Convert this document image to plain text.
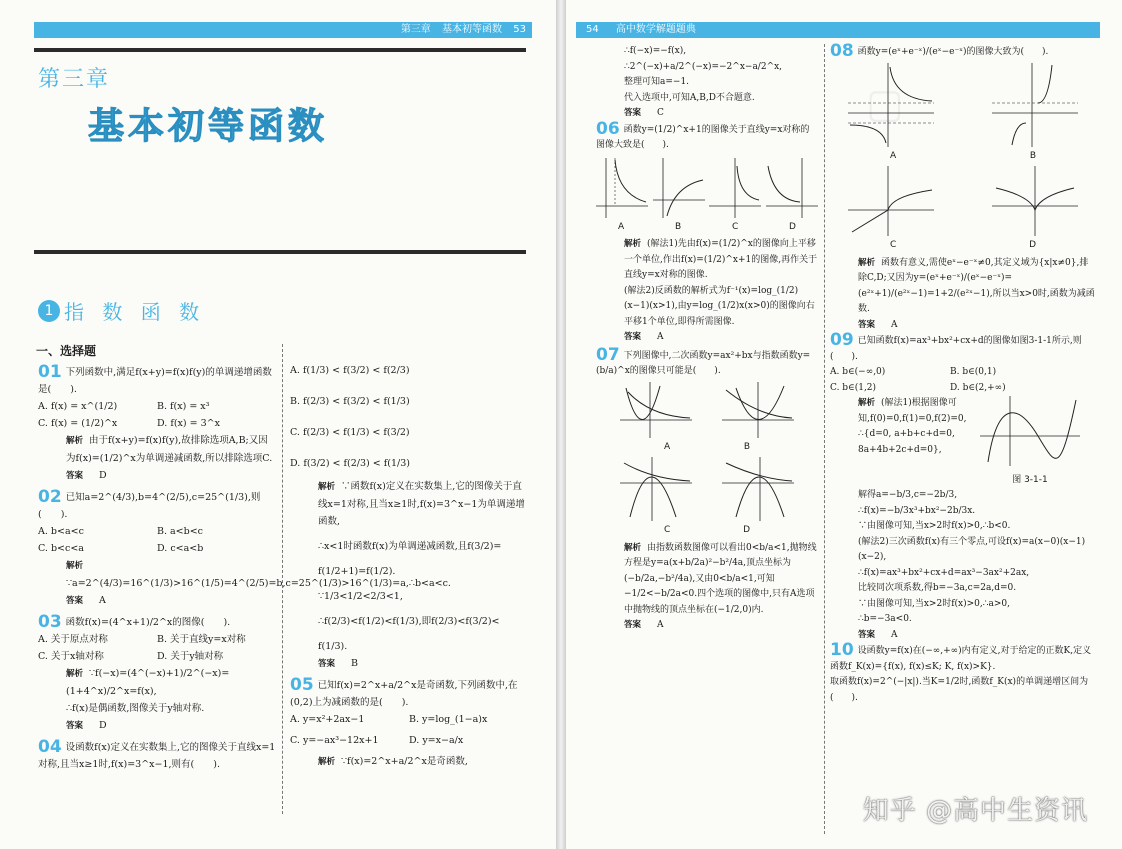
第三章 基本初等函数 53
第三章
基本初等函数
1 指 数 函 数
一、选择题

01 下列函数中,满足f(x+y)=f(x)f(y)的单调递增函数是(　　).

A. f(x) = x^(1/2)	B. f(x) = x³
C. f(x) = (1/2)^x	D. f(x) = 3^x

解析 由于f(x+y)=f(x)f(y),故排除选项A,B;又因为f(x)=(1/2)^x为单调递减函数,所以排除选项C.

答案 D

02 已知a=2^(4/3),b=4^(2/5),c=25^(1/3),则(　　).

A. b<a<c	B. a<b<c
C. b<c<a	D. c<a<b

解析∵a=2^(4/3)=16^(1/3)>16^(1/5)=4^(2/5)=b,c=25^(1/3)>16^(1/3)=a,∴b<a<c.

答案 A

03 函数f(x)=(4^x+1)/2^x的图像(　　).

A. 关于原点对称	B. 关于直线y=x对称
C. 关于x轴对称	D. 关于y轴对称

解析 ∵f(−x)=(4^(−x)+1)/2^(−x)=(1+4^x)/2^x=f(x),

∴f(x)是偶函数,图像关于y轴对称.

答案 D

04 设函数f(x)定义在实数集上,它的图像关于直线x=1对称,且当x≥1时,f(x)=3^x−1,则有(　　).

A. f(1/3) < f(3/2) < f(2/3)

B. f(2/3) < f(3/2) < f(1/3)

C. f(2/3) < f(1/3) < f(3/2)

D. f(3/2) < f(2/3) < f(1/3)

解析 ∵函数f(x)定义在实数集上,它的图像关于直线x=1对称,且当x≥1时,f(x)=3^x−1为单调递增函数,

∴x<1时函数f(x)为单调递减函数,且f(3/2)=

f(1/2+1)=f(1/2).

∵1/3<1/2<2/3<1,

∴f(2/3)<f(1/2)<f(1/3),即f(2/3)<f(3/2)<

f(1/3).

答案 B

05 已知f(x)=2^x+a/2^x是奇函数,下列函数中,在(0,2)上为减函数的是(　　).

A. y=x²+2ax−1	B. y=log_(1−a)x
C. y=−ax³−12x+1	D. y=x−a/x

解析 ∵f(x)=2^x+a/2^x是奇函数,

54 高中数学解题题典
▢

∴f(−x)=−f(x),

∴2^(−x)+a/2^(−x)=−2^x−a/2^x,

整理可知a=−1.

代入选项中,可知A,B,D不合题意.

答案 C

06 函数y=(1/2)^x+1的图像关于直线y=x对称的图像大致是(　　).

A	B	C	D

解析 (解法1)先由f(x)=(1/2)^x的图像向上平移一个单位,作出f(x)=(1/2)^x+1的图像,再作关于直线y=x对称的图像.

(解法2)反函数的解析式为f⁻¹(x)=log_(1/2)(x−1)(x>1),由y=log_(1/2)x(x>0)的图像向右平移1个单位,即得所需图像.

答案 A

07 下列图像中,二次函数y=ax²+bx与指数函数y=(b/a)^x的图像只可能是(　　).

A	B
C	D

解析 由指数函数图像可以看出0<b/a<1,抛物线方程是y=a(x+b/2a)²−b²/4a,顶点坐标为(−b/2a,−b²/4a),又由0<b/a<1,可知−1/2<−b/2a<0.四个选项的图像中,只有A选项中抛物线的顶点坐标在(−1/2,0)内.

答案 A

08 函数y=(eˣ+e⁻ˣ)/(eˣ−e⁻ˣ)的图像大致为(　　).

A	B
C	D

解析 函数有意义,需使eˣ−e⁻ˣ≠0,其定义域为{x|x≠0},排除C,D;又因为y=(eˣ+e⁻ˣ)/(eˣ−e⁻ˣ)=(e²ˣ+1)/(e²ˣ−1)=1+2/(e²ˣ−1),所以当x>0时,函数为减函数.

答案 A

09 已知函数f(x)=ax³+bx²+cx+d的图像如图3-1-1所示,则(　　).

A. b∈(−∞,0)	B. b∈(0,1)
C. b∈(1,2)	D. b∈(2,+∞)

解析 (解法1)根据图像可知,f(0)=0,f(1)=0,f(2)=0,

∴{d=0, a+b+c+d=0, 8a+4b+2c+d=0},

图 3-1-1

解得a=−b/3,c=−2b/3,

∴f(x)=−b/3x³+bx²−2b/3x.

∵由图像可知,当x>2时f(x)>0,∴b<0.

(解法2)三次函数f(x)有三个零点,可设f(x)=a(x−0)(x−1)(x−2),

∴f(x)=ax³+bx²+cx+d=ax³−3ax²+2ax,

比较同次项系数,得b=−3a,c=2a,d=0.

∵由图像可知,当x>2时f(x)>0,∴a>0,

∴b=−3a<0.

答案 A

10 设函数y=f(x)在(−∞,+∞)内有定义,对于给定的正数K,定义函数f_K(x)={f(x), f(x)≤K; K, f(x)>K}.

取函数f(x)=2^(−|x|).当K=1/2时,函数f_K(x)的单调递增区间为(　　).

知乎 @高中生资讯
